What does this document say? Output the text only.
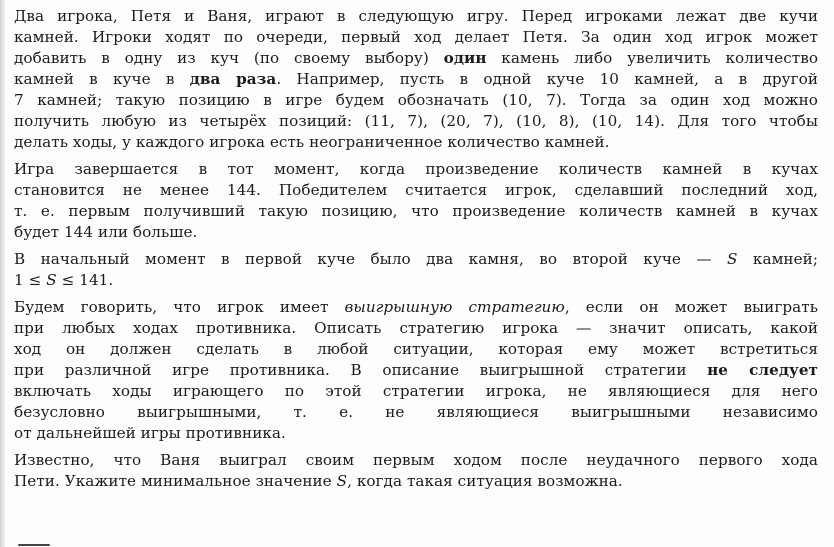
Два игрока, Петя и Ваня, играют в следующую игру. Перед игроками лежат две кучи
камней. Игроки ходят по очереди, первый ход делает Петя. За один ход игрок может
добавить в одну из куч (по своему выбору) один камень либо увеличить количество
камней в куче в два раза. Например, пусть в одной куче 10 камней, а в другой
7 камней; такую позицию в игре будем обозначать (10, 7). Тогда за один ход можно
получить любую из четырёх позиций: (11, 7), (20, 7), (10, 8), (10, 14). Для того чтобы
делать ходы, у каждого игрока есть неограниченное количество камней.
Игра завершается в тот момент, когда произведение количеств камней в кучах
становится не менее 144. Победителем считается игрок, сделавший последний ход,
т. е. первым получивший такую позицию, что произведение количеств камней в кучах
будет 144 или больше.
В начальный момент в первой куче было два камня, во второй куче — S камней;
1 ≤ S ≤ 141.
Будем говорить, что игрок имеет выигрышную стратегию, если он может выиграть
при любых ходах противника. Описать стратегию игрока — значит описать, какой
ход он должен сделать в любой ситуации, которая ему может встретиться
при различной игре противника. В описание выигрышной стратегии не следует
включать ходы играющего по этой стратегии игрока, не являющиеся для него
безусловно выигрышными, т. е. не являющиеся выигрышными независимо
от дальнейшей игры противника.
Известно, что Ваня выиграл своим первым ходом после неудачного первого хода
Пети. Укажите минимальное значение S, когда такая ситуация возможна.
